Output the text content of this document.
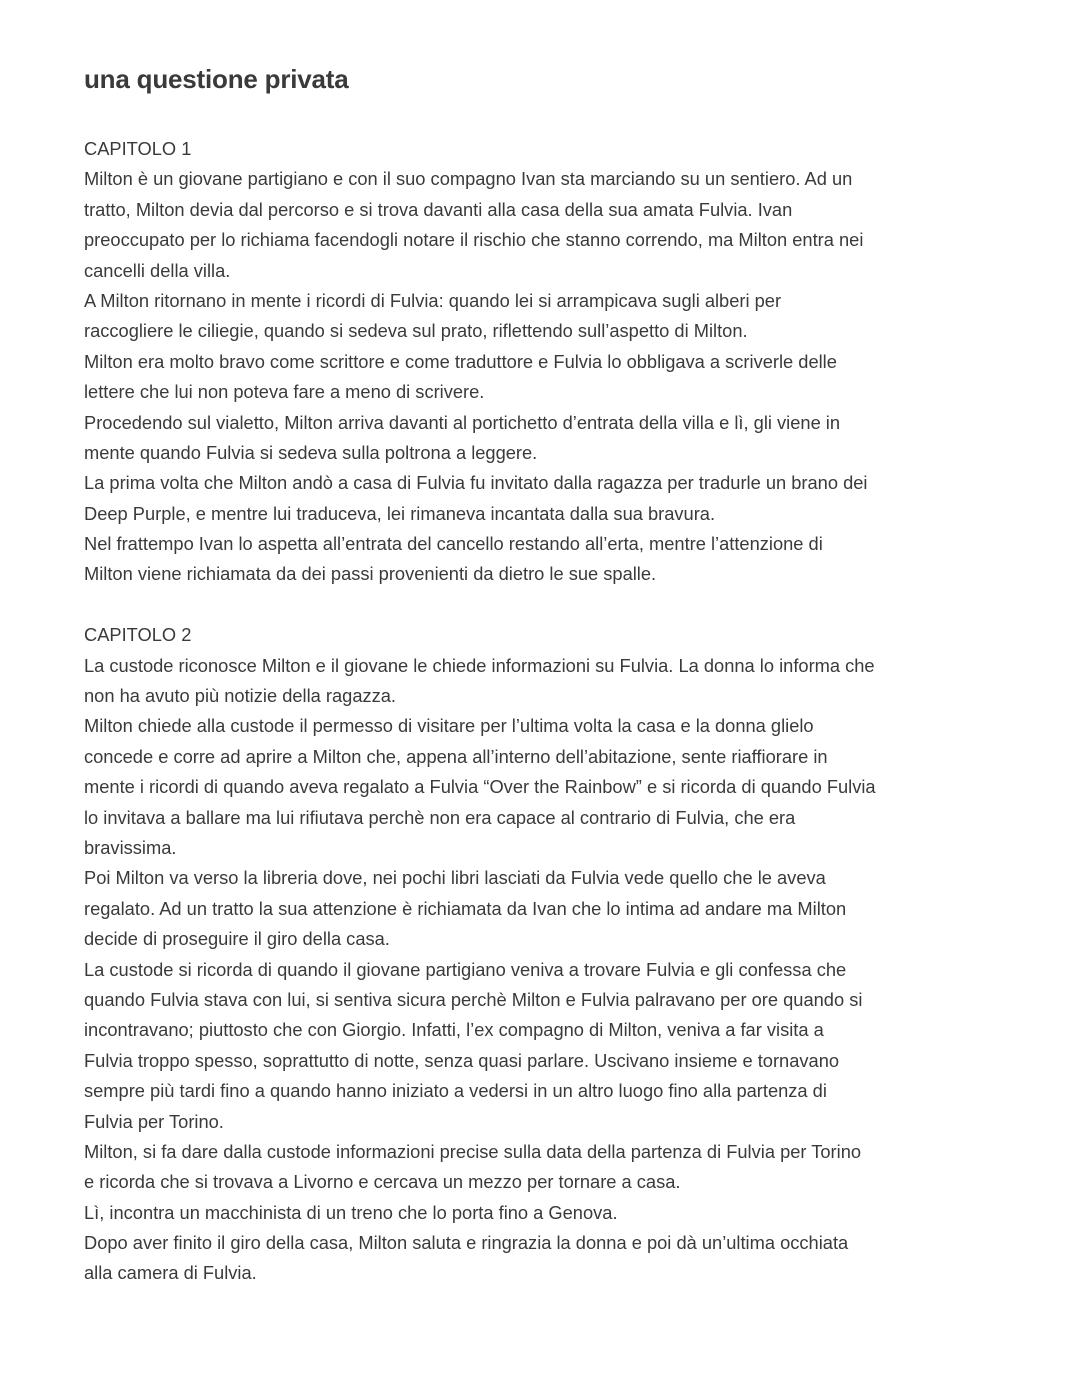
una questione privata
CAPITOLO 1
Milton è un giovane partigiano e con il suo compagno Ivan sta marciando su un sentiero. Ad un
tratto, Milton devia dal percorso e si trova davanti alla casa della sua amata Fulvia. Ivan
preoccupato per lo richiama facendogli notare il rischio che stanno correndo, ma Milton entra nei
cancelli della villa.
A Milton ritornano in mente i ricordi di Fulvia: quando lei si arrampicava sugli alberi per
raccogliere le ciliegie, quando si sedeva sul prato, riflettendo sull’aspetto di Milton.
Milton era molto bravo come scrittore e come traduttore e Fulvia lo obbligava a scriverle delle
lettere che lui non poteva fare a meno di scrivere.
Procedendo sul vialetto, Milton arriva davanti al portichetto d’entrata della villa e lì, gli viene in
mente quando Fulvia si sedeva sulla poltrona a leggere.
La prima volta che Milton andò a casa di Fulvia fu invitato dalla ragazza per tradurle un brano dei
Deep Purple, e mentre lui traduceva, lei rimaneva incantata dalla sua bravura.
Nel frattempo Ivan lo aspetta all’entrata del cancello restando all’erta, mentre l’attenzione di
Milton viene richiamata da dei passi provenienti da dietro le sue spalle.
CAPITOLO 2
La custode riconosce Milton e il giovane le chiede informazioni su Fulvia. La donna lo informa che
non ha avuto più notizie della ragazza.
Milton chiede alla custode il permesso di visitare per l’ultima volta la casa e la donna glielo
concede e corre ad aprire a Milton che, appena all’interno dell’abitazione, sente riaffiorare in
mente i ricordi di quando aveva regalato a Fulvia “Over the Rainbow” e si ricorda di quando Fulvia
lo invitava a ballare ma lui rifiutava perchè non era capace al contrario di Fulvia, che era
bravissima.
Poi Milton va verso la libreria dove, nei pochi libri lasciati da Fulvia vede quello che le aveva
regalato. Ad un tratto la sua attenzione è richiamata da Ivan che lo intima ad andare ma Milton
decide di proseguire il giro della casa.
La custode si ricorda di quando il giovane partigiano veniva a trovare Fulvia e gli confessa che
quando Fulvia stava con lui, si sentiva sicura perchè Milton e Fulvia palravano per ore quando si
incontravano; piuttosto che con Giorgio. Infatti, l’ex compagno di Milton, veniva a far visita a
Fulvia troppo spesso, soprattutto di notte, senza quasi parlare. Uscivano insieme e tornavano
sempre più tardi fino a quando hanno iniziato a vedersi in un altro luogo fino alla partenza di
Fulvia per Torino.
Milton, si fa dare dalla custode informazioni precise sulla data della partenza di Fulvia per Torino
e ricorda che si trovava a Livorno e cercava un mezzo per tornare a casa.
Lì, incontra un macchinista di un treno che lo porta fino a Genova.
Dopo aver finito il giro della casa, Milton saluta e ringrazia la donna e poi dà un’ultima occhiata
alla camera di Fulvia.
